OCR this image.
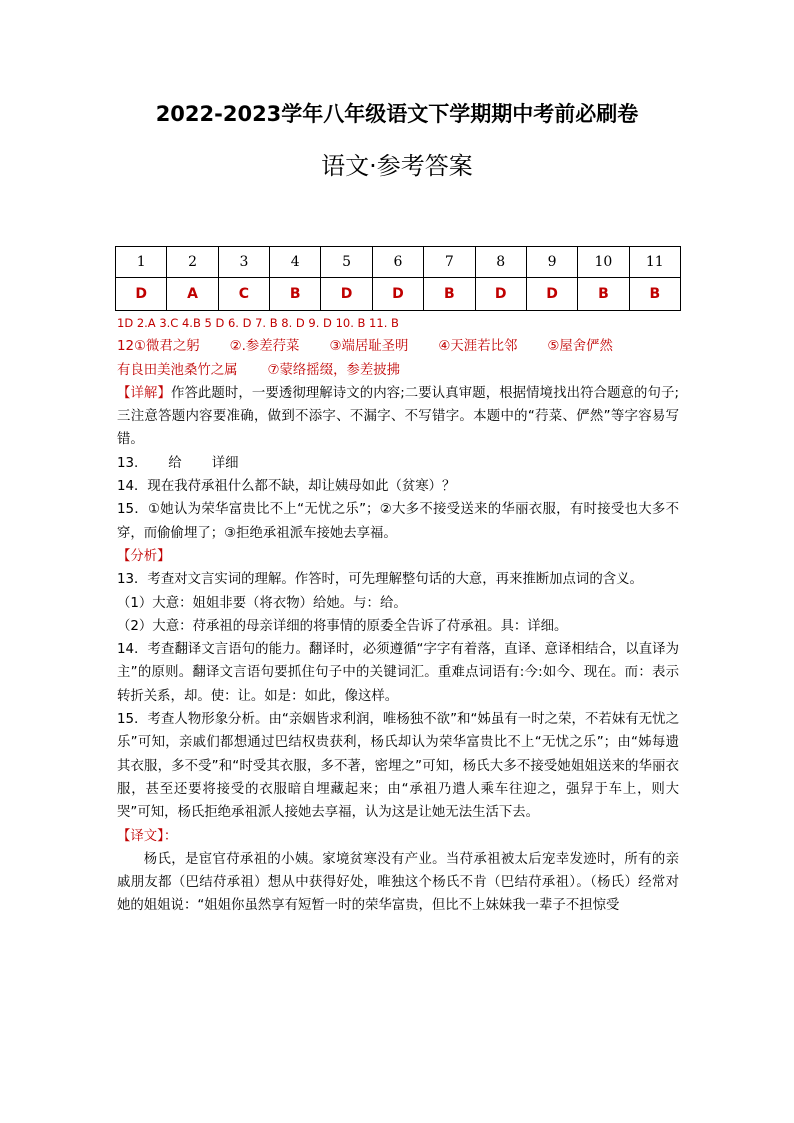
2022-2023学年八年级语文下学期期中考前必刷卷
语文·参考答案
1	2	3	4	5	6	7	8	9	10	11
D	A	C	B	D	D	B	D	D	B	B

1D 2.A 3.C 4.B 5 D 6. D 7. B 8. D 9. D 10. B 11. B

12①微君之躬 ②.参差荇菜 ③端居耻圣明 ④天涯若比邻 ⑤屋舍俨然

有良田美池桑竹之属 ⑦蒙络摇缀，参差披拂

【详解】作答此题时，一要透彻理解诗文的内容;二要认真审题，根据情境找出符合题意的句子;三注意答题内容要准确，做到不添字、不漏字、不写错字。本题中的“荇菜、俨然”等字容易写错。

13. 给 详细

14．现在我苻承祖什么都不缺，却让姨母如此（贫寒）？

15．①她认为荣华富贵比不上“无忧之乐”；②大多不接受送来的华丽衣服，有时接受也大多不穿，而偷偷埋了；③拒绝承祖派车接她去享福。

【分析】

13．考查对文言实词的理解。作答时，可先理解整句话的大意，再来推断加点词的含义。

（1）大意：姐姐非要（将衣物）给她。与：给。

（2）大意：苻承祖的母亲详细的将事情的原委全告诉了苻承祖。具：详细。

14．考查翻译文言语句的能力。翻译时，必须遵循“字字有着落，直译、意译相结合，以直译为主”的原则。翻译文言语句要抓住句子中的关键词汇。重难点词语有:今:如今、现在。而：表示转折关系，却。使：让。如是：如此，像这样。

15．考查人物形象分析。由“亲姻皆求利润，唯杨独不欲”和“姊虽有一时之荣，不若妹有无忧之乐”可知，亲戚们都想通过巴结权贵获利，杨氏却认为荣华富贵比不上“无忧之乐”；由“姊每遗其衣服，多不受”和“时受其衣服，多不著，密埋之”可知，杨氏大多不接受她姐姐送来的华丽衣服，甚至还要将接受的衣服暗自埋藏起来；由“承祖乃遣人乘车往迎之，强舁于车上，则大哭”可知，杨氏拒绝承祖派人接她去享福，认为这是让她无法生活下去。

【译文】：

杨氏，是宦官苻承祖的小姨。家境贫寒没有产业。当苻承祖被太后宠幸发迹时，所有的亲戚朋友都（巴结苻承祖）想从中获得好处，唯独这个杨氏不肯（巴结苻承祖）。（杨氏）经常对她的姐姐说：“姐姐你虽然享有短暂一时的荣华富贵，但比不上妹妹我一辈子不担惊受
